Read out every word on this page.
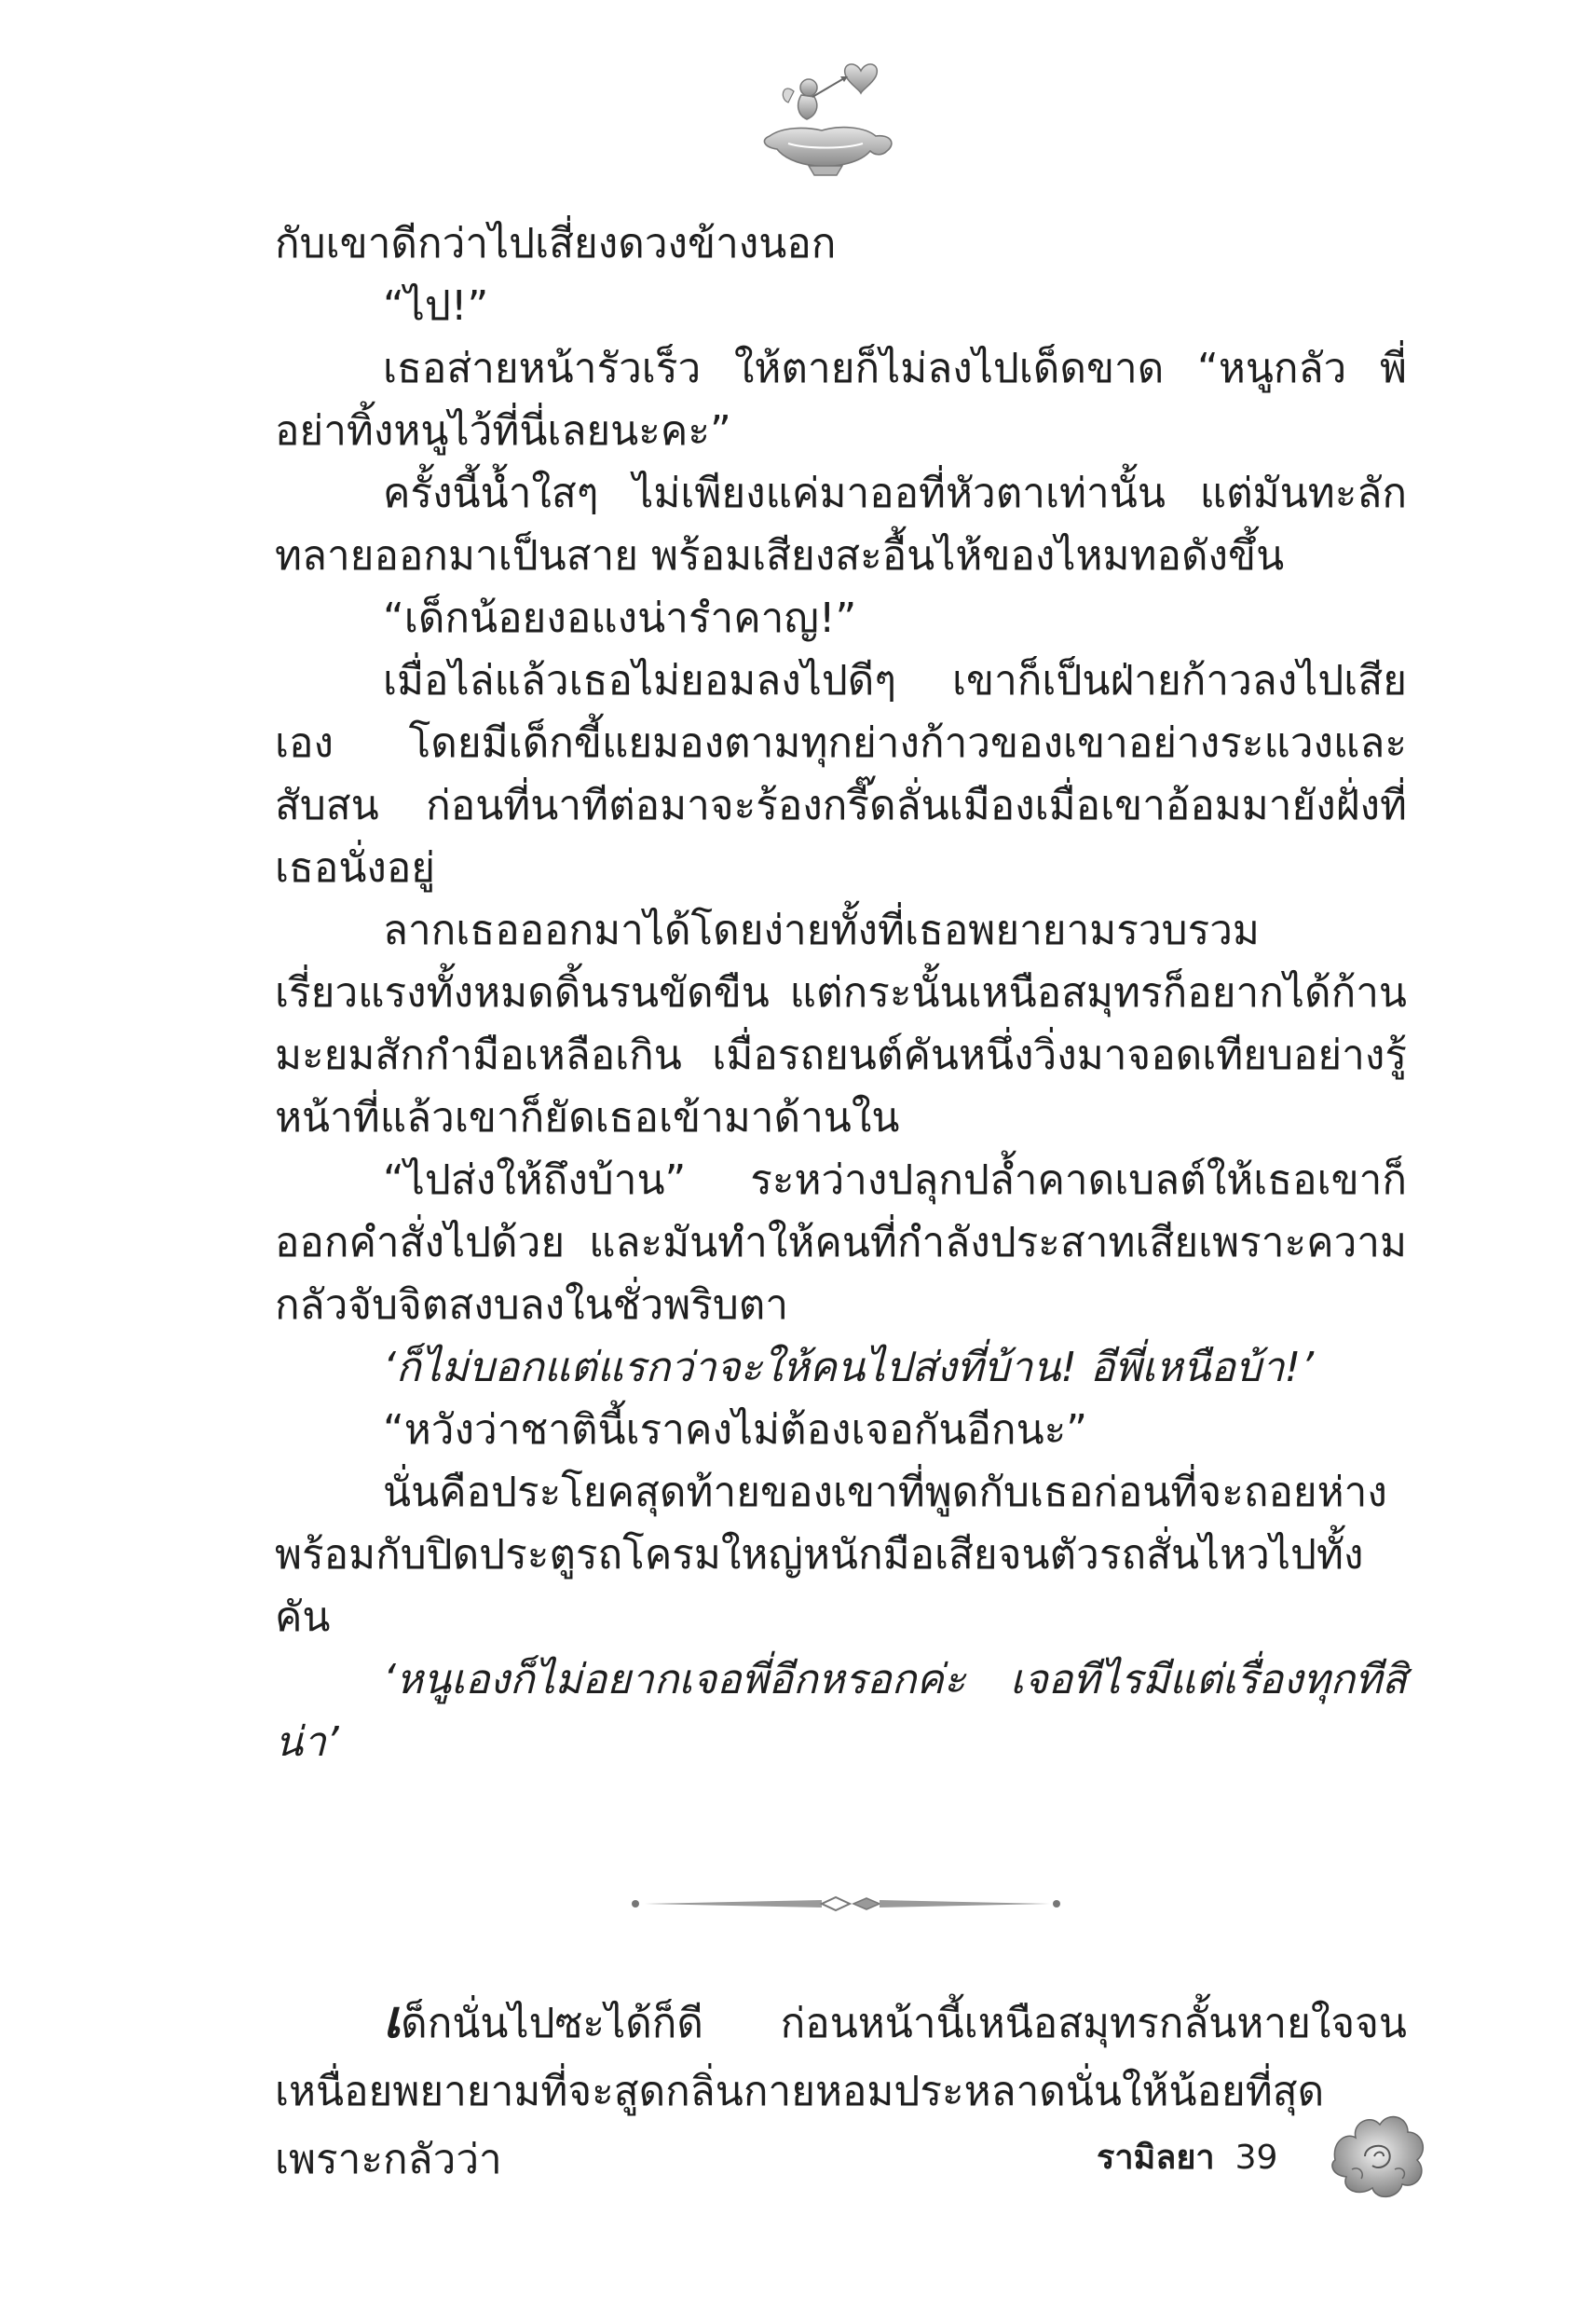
กับเขาดีกว่าไปเสี่ยงดวงข้างนอก

“ไป!”

เธอส่ายหน้ารัวเร็ว ให้ตายก็ไม่ลงไปเด็ดขาด “หนูกลัว พี่อย่าทิ้งหนูไว้ที่นี่เลยนะคะ”

ครั้งนี้น้ำใสๆ ไม่เพียงแค่มาออที่หัวตาเท่านั้น แต่มันทะลักทลายออกมาเป็นสาย พร้อมเสียงสะอื้นไห้ของไหมทอดังขึ้น

“เด็กน้อยงอแงน่ารำคาญ!”

เมื่อไล่แล้วเธอไม่ยอมลงไปดีๆ เขาก็เป็นฝ่ายก้าวลงไปเสียเอง โดยมีเด็กขี้แยมองตามทุกย่างก้าวของเขาอย่างระแวงและสับสน ก่อนที่นาทีต่อมาจะร้องกรี๊ดลั่นเมืองเมื่อเขาอ้อมมายังฝั่งที่เธอนั่งอยู่

ลากเธอออกมาได้โดยง่ายทั้งที่เธอพยายามรวบรวมเรี่ยวแรงทั้งหมดดิ้นรนขัดขืน แต่กระนั้นเหนือสมุทรก็อยากได้ก้านมะยมสักกำมือเหลือเกิน เมื่อรถยนต์คันหนึ่งวิ่งมาจอดเทียบอย่างรู้หน้าที่แล้วเขาก็ยัดเธอเข้ามาด้านใน

“ไปส่งให้ถึงบ้าน” ระหว่างปลุกปล้ำคาดเบลต์ให้เธอเขาก็ออกคำสั่งไปด้วย และมันทำให้คนที่กำลังประสาทเสียเพราะความกลัวจับจิตสงบลงในชั่วพริบตา

‘ก็ไม่บอกแต่แรกว่าจะให้คนไปส่งที่บ้าน! อีพี่เหนือบ้า!’

“หวังว่าชาตินี้เราคงไม่ต้องเจอกันอีกนะ”

นั่นคือประโยคสุดท้ายของเขาที่พูดกับเธอก่อนที่จะถอยห่างพร้อมกับปิดประตูรถโครมใหญ่หนักมือเสียจนตัวรถสั่นไหวไปทั้งคัน

‘หนูเองก็ไม่อยากเจอพี่อีกหรอกค่ะ เจอทีไรมีแต่เรื่องทุกทีสิน่า’

เด็กนั่นไปซะได้ก็ดี ก่อนหน้านี้เหนือสมุทรกลั้นหายใจจนเหนื่อยพยายามที่จะสูดกลิ่นกายหอมประหลาดนั่นให้น้อยที่สุด เพราะกลัวว่า	รามิลยา 39
